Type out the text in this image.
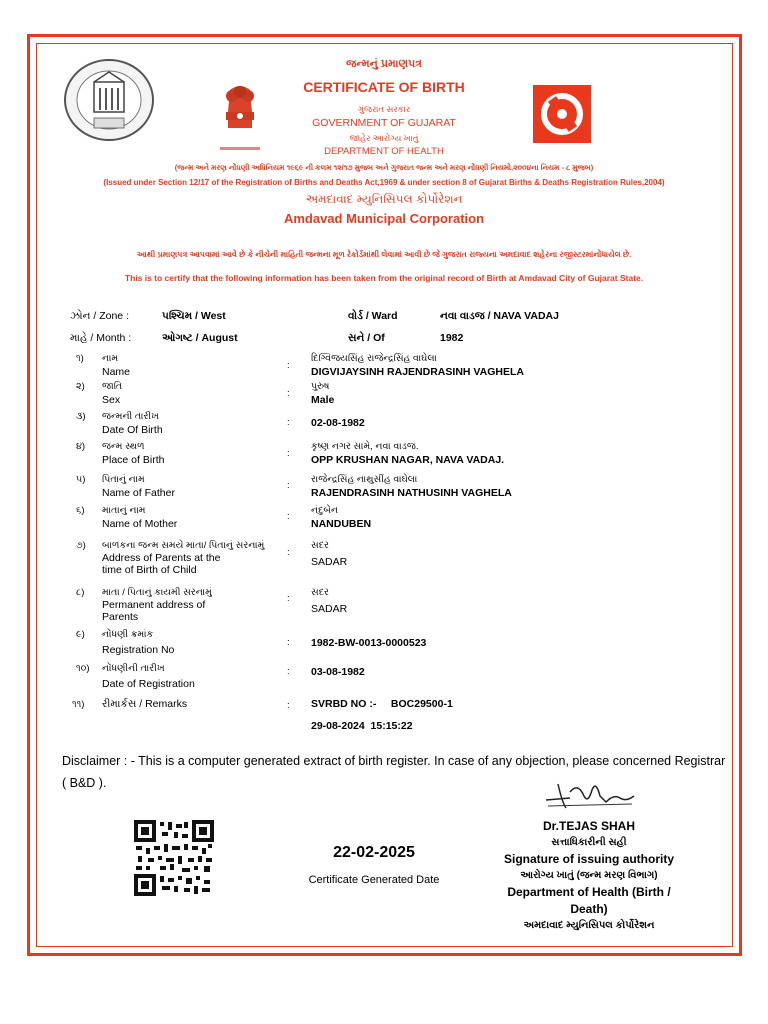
જન્મનું પ્રમાણપત્ર
CERTIFICATE OF BIRTH
ગુજરાત સરકાર
GOVERNMENT OF GUJARAT
જાહેર આરોગ્ય ખાતું
DEPARTMENT OF HEALTH
(જન્મ અને મરણ નોંધણી અધિનિયમ ૧૯૬૯ ની કલમ ૧૨/૧૭ મુજબ અને ગુજરાત જન્મ અને મરણ નોંધણી નિયમો,૨૦૦૪ના નિયમ - ૮ મુજબ)
(Issued under Section 12/17 of the Registration of Births and Deaths Act,1969 & under section 8 of Gujarat Births & Deaths Registration Rules,2004)
અમદાવાદ મ્યુનિસિપલ કોર્પોરેશન
Amdavad Municipal Corporation
આથી પ્રમાણપત્ર આપવામાં આવે છે કે નીચેની માહિતી જન્મના મૂળ રેકોર્ડમાંથી લેવામાં આવી છે જે ગુજરાત રાજ્યના અમદાવાદ શહેરના રજીસ્ટરમાંનોંધાયેલ છે.
This is to certify that the following information has been taken from the original record of Birth at Amdavad City of Gujarat State.
ઝોન / Zone :	પશ્ચિમ / West	વોર્ડ / Ward	નવા વાડજ / NAVA VADAJ
માહે / Month :	ઓગષ્ટ / August	સને / Of	1982
૧) નામ
Name
:
દિગ્વિજયસિંહ રાજેન્દ્રસિંહ વાઘેલા
DIGVIJAYSINH RAJENDRASINH VAGHELA
૨) જાતિ
Sex
:
પુરુષ
Male
૩) જન્મની તારીખ
Date Of Birth
: 02-08-1982
૪) જન્મ સ્થળ
Place of Birth
:
કૃષ્ણ નગર સામે, નવા વાડજ.
OPP KRUSHAN NAGAR, NAVA VADAJ.
૫) પિતાનું નામ
Name of Father
:
રાજેન્દ્રસિંહ નાથુસીંહ વાઘેલા
RAJENDRASINH NATHUSINH VAGHELA
૬) માતાનું નામ
Name of Mother
:
નંદુબેન
NANDUBEN
૭) બાળકના જન્મ સમયે માતા/ પિતાનું સરનામું
Address of Parents at the time of Birth of Child
:
સદર
SADAR
૮) માતા / પિતાનું કાયમી સરનામું
Permanent address of Parents
:
સદર
SADAR
૯) નોંધણી ક્રમાંક
Registration No
: 1982-BW-0013-0000523
૧૦) નોંધણીની તારીખ
Date of Registration
: 03-08-1982
૧૧) રીમાર્કસ / Remarks	: SVRBD NO :-     BOC29500-1
29-08-2024  15:15:22
Disclaimer : - This is a computer generated extract of birth register. In case of any objection, please concerned Registrar ( B&D ).
22-02-2025
Certificate Generated Date
Dr.TEJAS SHAH
સત્તાધિકારીની સહી
Signature of issuing authority
આરોગ્ય ખાતું (જન્મ મરણ વિભાગ)
Department of Health (Birth / Death)
અમદાવાદ મ્યુનિસિપલ કોર્પોરેશન
